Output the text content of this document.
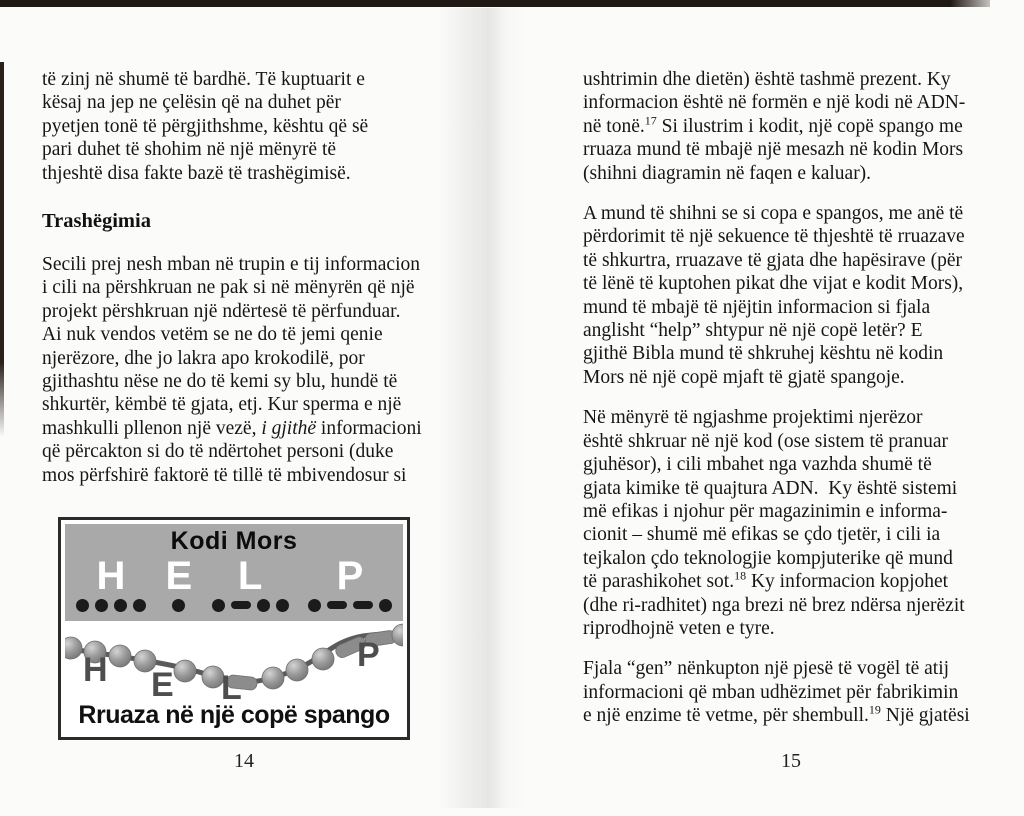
të zinj në shumë të bardhë. Të kuptuarit e
kësaj na jep ne çelësin që na duhet për
pyetjen tonë të përgjithshme, kështu që së
pari duhet të shohim në një mënyrë të
thjeshtë disa fakte bazë të trashëgimisë.
Trashëgimia
Secili prej nesh mban në trupin e tij informacion
i cili na përshkruan ne pak si në mënyrën që një
projekt përshkruan një ndërtesë të përfunduar.
Ai nuk vendos vetëm se ne do të jemi qenie
njerëzore, dhe jo lakra apo krokodilë, por
gjithashtu nëse ne do të kemi sy blu, hundë të
shkurtër, këmbë të gjata, etj. Kur sperma e një
mashkulli pllenon një vezë, i gjithë informacioni
që përcakton si do të ndërtohet personi (duke
mos përfshirë faktorë të tillë të mbivendosur si
Kodi Mors
H E L P
H E L
P
Rruaza në një copë spango
ushtrimin dhe dietën) është tashmë prezent. Ky
informacion është në formën e një kodi në ADN-
në tonë.$^{17}$ Si ilustrim i kodit, një copë spango me
rruaza mund të mbajë një mesazh në kodin Mors
(shihni diagramin në faqen e kaluar).
A mund të shihni se si copa e spangos, me anë të
përdorimit të një sekuence të thjeshtë të rruazave
të shkurtra, rruazave të gjata dhe hapësirave (për
të lënë të kuptohen pikat dhe vijat e kodit Mors),
mund të mbajë të njëjtin informacion si fjala
anglisht “help” shtypur në një copë letër? E
gjithë Bibla mund të shkruhej kështu në kodin
Mors në një copë mjaft të gjatë spangoje.
Në mënyrë të ngjashme projektimi njerëzor
është shkruar në një kod (ose sistem të pranuar
gjuhësor), i cili mbahet nga vazhda shumë të
gjata kimike të quajtura ADN.  Ky është sistemi
më efikas i njohur për magazinimin e informa-
cionit – shumë më efikas se çdo tjetër, i cili ia
tejkalon çdo teknologjie kompjuterike që mund
të parashikohet sot.$^{18}$ Ky informacion kopjohet
(dhe ri-radhitet) nga brezi në brez ndërsa njerëzit
riprodhojnë veten e tyre.
Fjala “gen” nënkupton një pjesë të vogël të atij
informacioni që mban udhëzimet për fabrikimin
e një enzime të vetme, për shembull.$^{19}$ Një gjatësi
14	15
